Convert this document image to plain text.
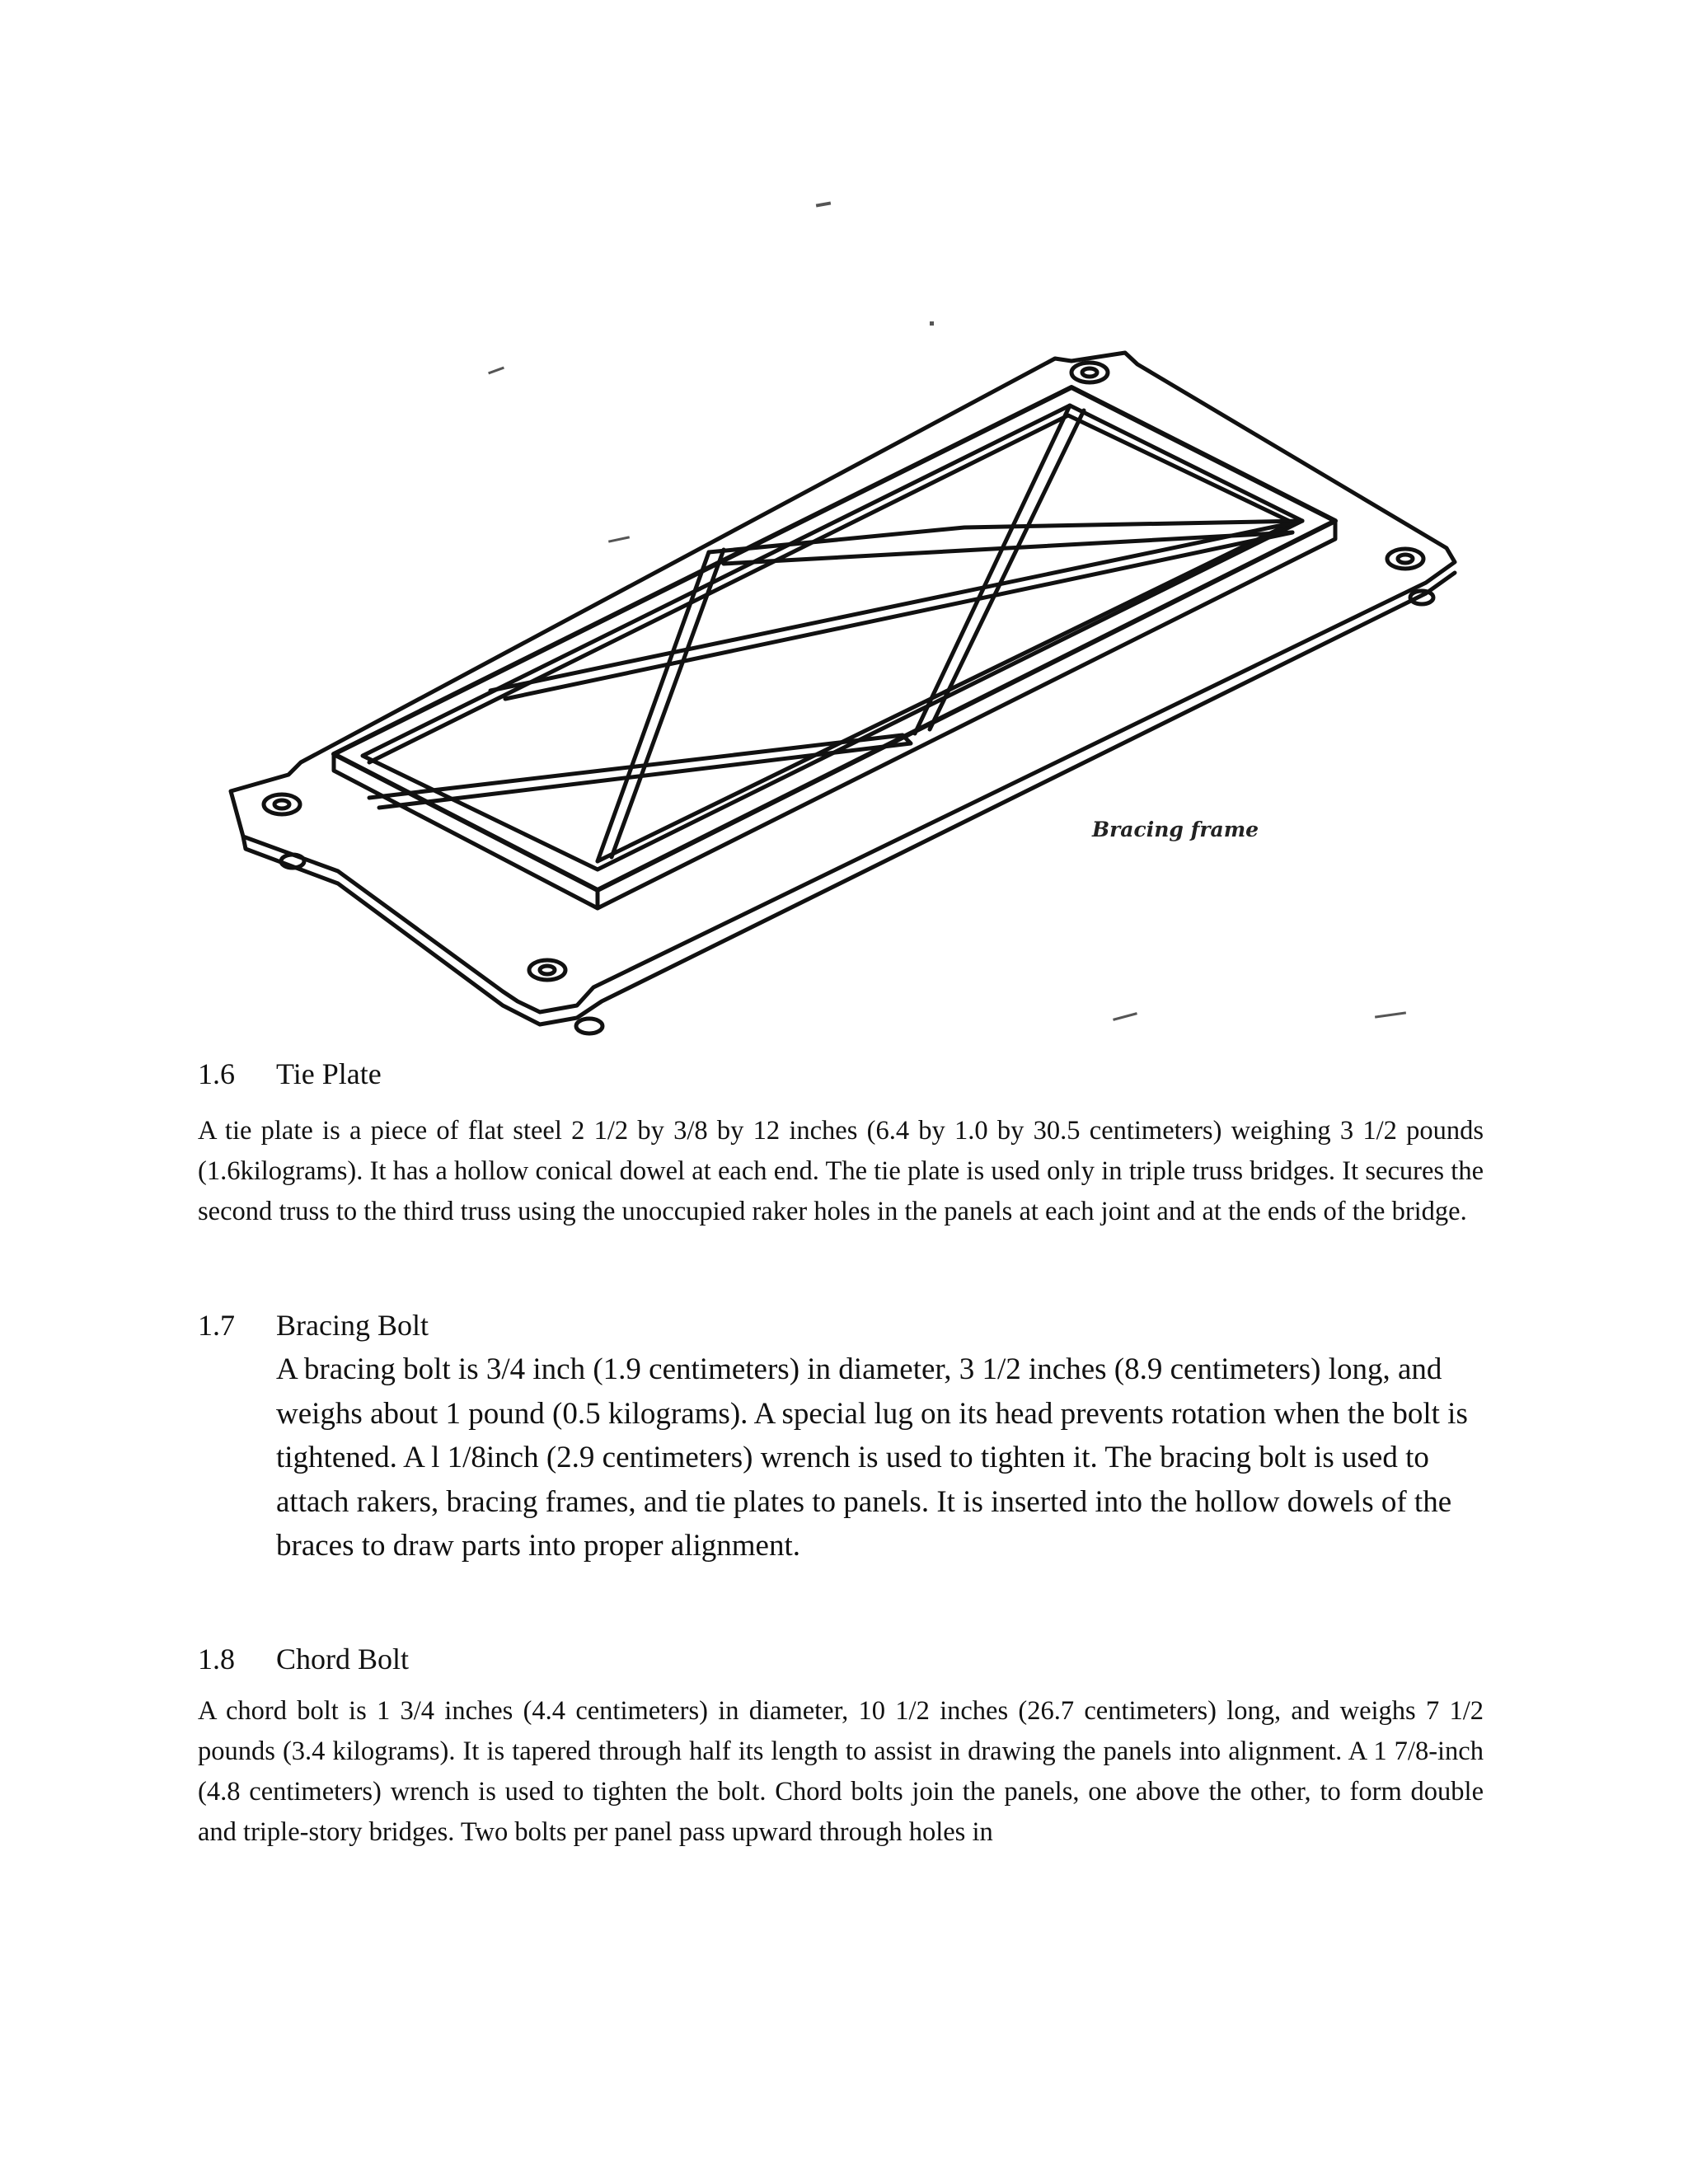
Bracing frame
1.6	Tie Plate

A tie plate is a piece of flat steel 2 1/2 by 3/8 by 12 inches (6.4 by 1.0 by 30.5 centimeters) weighing 3 1/2 pounds (1.6kilograms). It has a hollow conical dowel at each end. The tie plate is used only in triple truss bridges. It secures the second truss to the third truss using the unoccupied raker holes in the panels at each joint and at the ends of the bridge.

1.7	Bracing Bolt

A bracing bolt is 3/4 inch (1.9 centimeters) in diameter, 3 1/2 inches (8.9 centimeters) long, and weighs about 1 pound (0.5 kilograms). A special lug on its head prevents rotation when the bolt is tightened. A l 1/8inch (2.9 centimeters) wrench is used to tighten it. The bracing bolt is used to attach rakers, bracing frames, and tie plates to panels. It is inserted into the hollow dowels of the braces to draw parts into proper alignment.

1.8	Chord Bolt

A chord bolt is 1 3/4 inches (4.4 centimeters) in diameter, 10 1/2 inches (26.7 centimeters) long, and weighs 7 1/2 pounds (3.4 kilograms). It is tapered through half its length to assist in drawing the panels into alignment. A 1 7/8-inch (4.8 centimeters) wrench is used to tighten the bolt. Chord bolts join the panels, one above the other, to form double and triple-story bridges. Two bolts per panel pass upward through holes in
